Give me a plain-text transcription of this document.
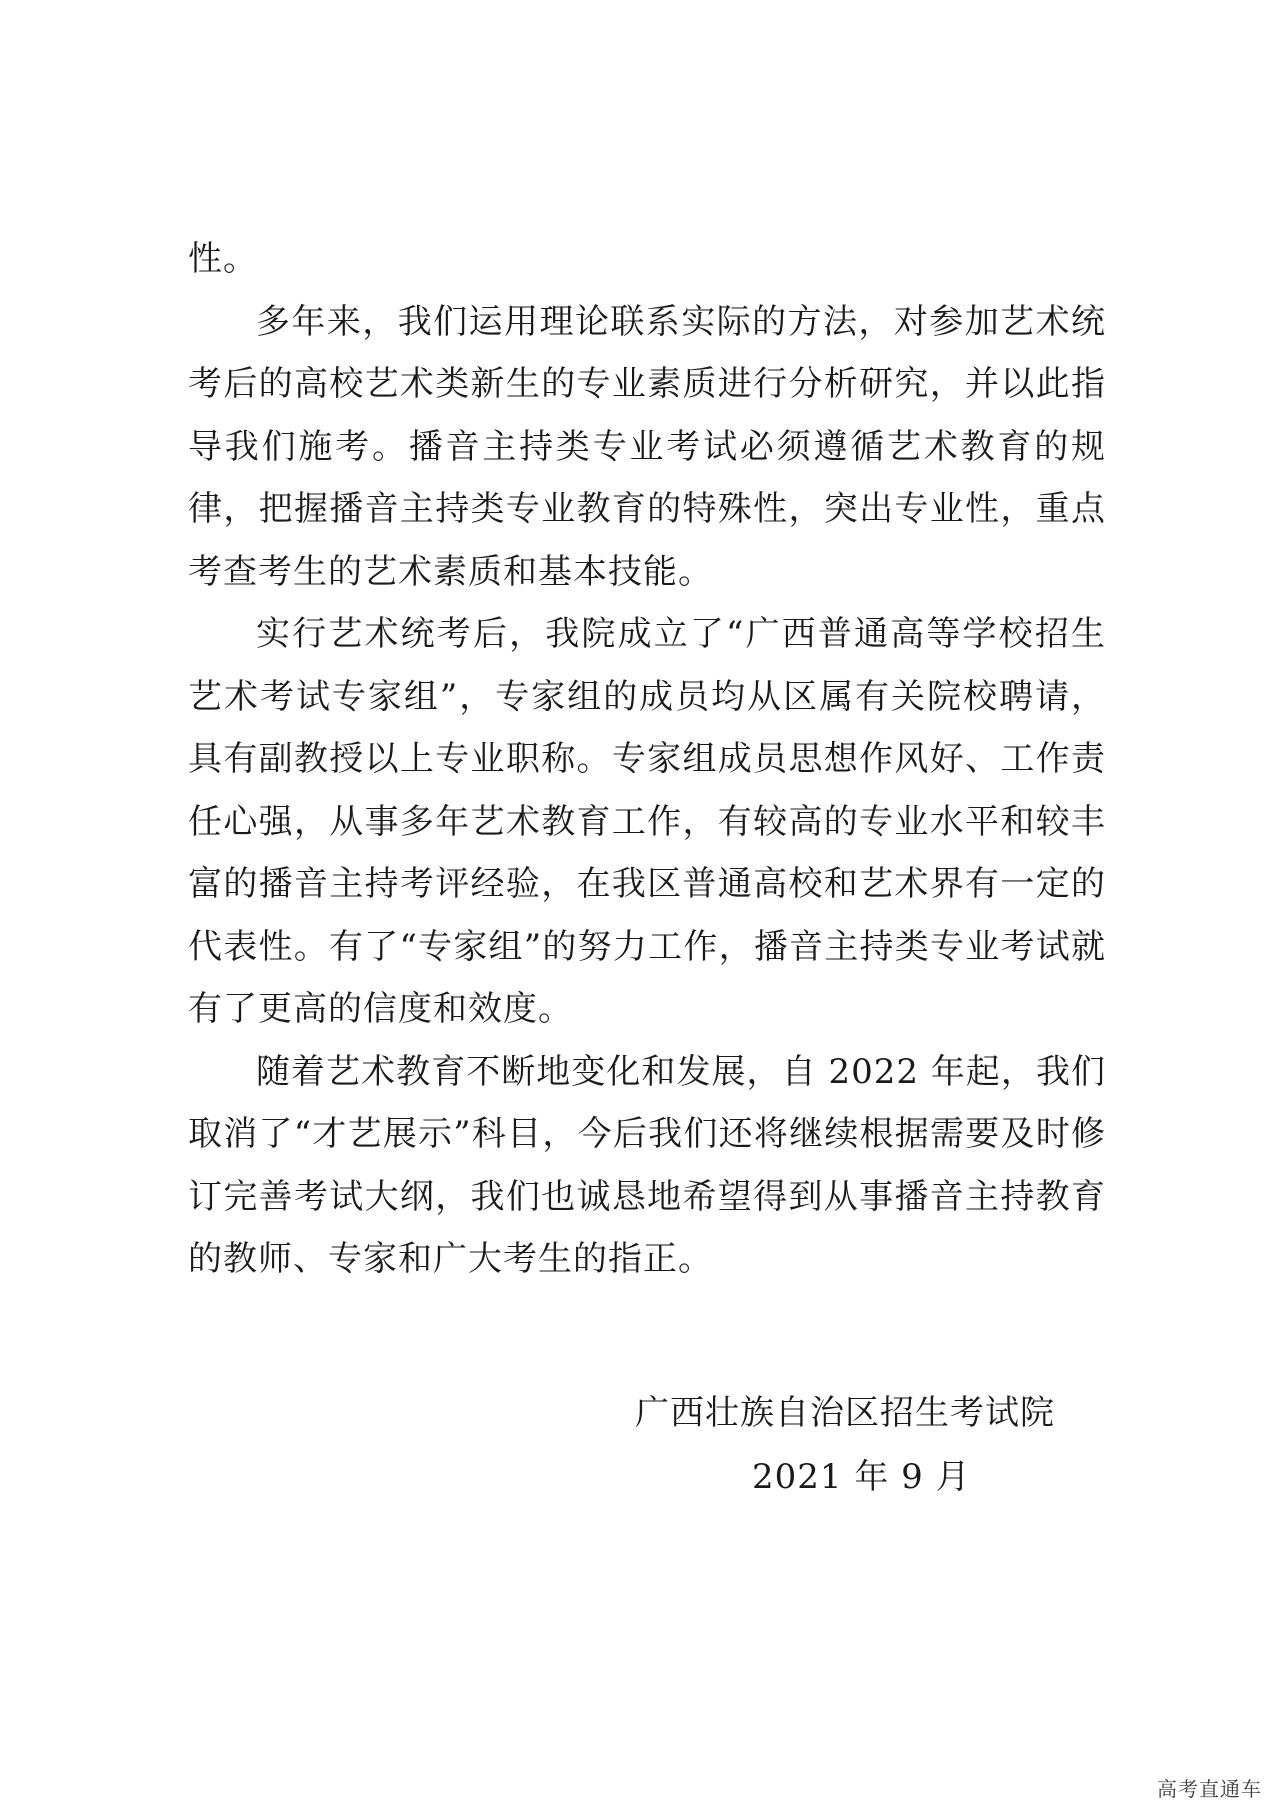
性。

多年来，我们运用理论联系实际的方法，对参加艺术统考后的高校艺术类新生的专业素质进行分析研究，并以此指导我们施考。播音主持类专业考试必须遵循艺术教育的规律，把握播音主持类专业教育的特殊性，突出专业性，重点考查考生的艺术素质和基本技能。

实行艺术统考后，我院成立了“广西普通高等学校招生艺术考试专家组”，专家组的成员均从区属有关院校聘请，具有副教授以上专业职称。专家组成员思想作风好、工作责任心强，从事多年艺术教育工作，有较高的专业水平和较丰富的播音主持考评经验，在我区普通高校和艺术界有一定的代表性。有了“专家组”的努力工作，播音主持类专业考试就有了更高的信度和效度。

随着艺术教育不断地变化和发展，自 2022 年起，我们取消了“才艺展示”科目，今后我们还将继续根据需要及时修订完善考试大纲，我们也诚恳地希望得到从事播音主持教育的教师、专家和广大考生的指正。

广西壮族自治区招生考试院
2021 年 9 月
高考直通车
